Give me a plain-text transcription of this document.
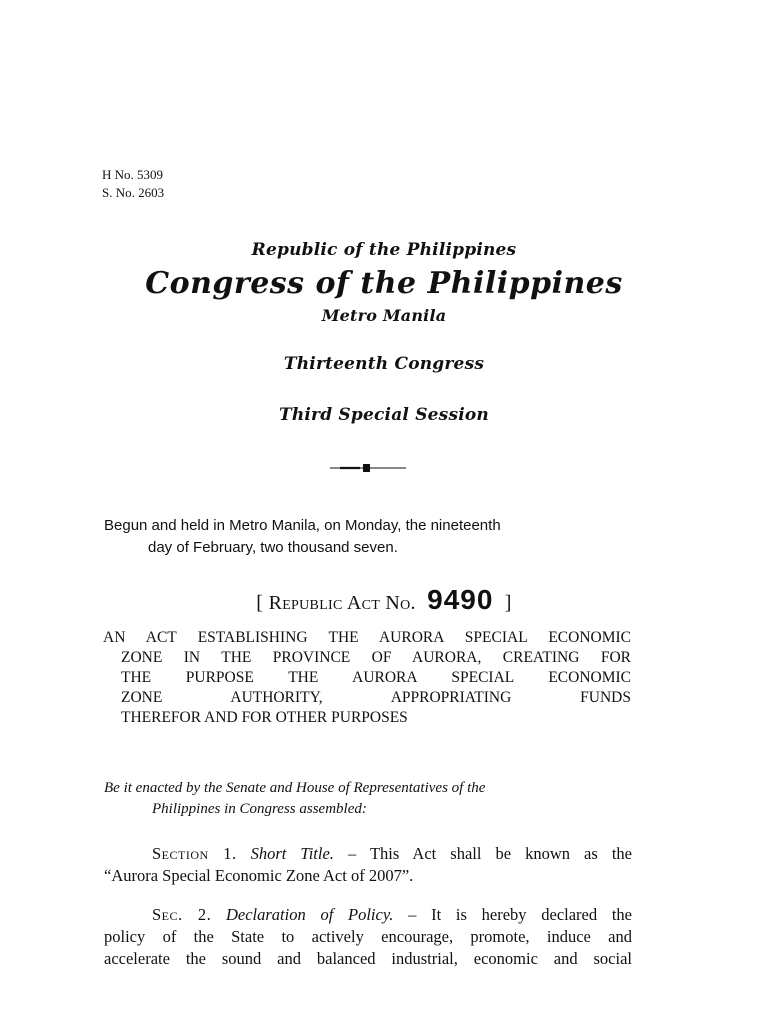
H No. 5309
S. No. 2603
Republic of the Philippines
Congress of the Philippines
Metro Manila
Thirteenth Congress
Third Special Session
Begun and held in Metro Manila, on Monday, the nineteenth
day of February, two thousand seven.
[ Republic Act No. 9490 ]
AN ACT ESTABLISHING THE AURORA SPECIAL ECONOMIC
ZONE IN THE PROVINCE OF AURORA, CREATING FOR
THE PURPOSE THE AURORA SPECIAL ECONOMIC
ZONE AUTHORITY, APPROPRIATING FUNDS
THEREFOR AND FOR OTHER PURPOSES
Be it enacted by the Senate and House of Representatives of the
Philippines in Congress assembled:
Section 1. Short Title. – This Act shall be known as the
“Aurora Special Economic Zone Act of 2007”.
Sec. 2. Declaration of Policy. – It is hereby declared the
policy of the State to actively encourage, promote, induce and
accelerate the sound and balanced industrial, economic and social
